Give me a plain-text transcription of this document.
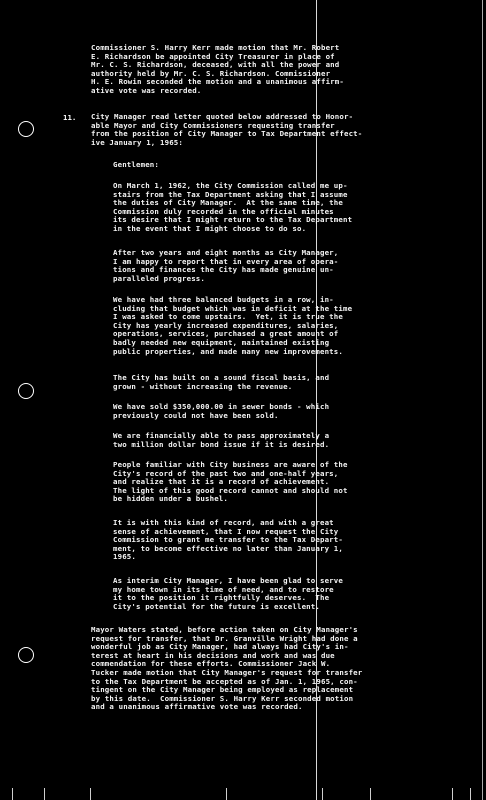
Commissioner S. Harry Kerr made motion that Mr. Robert
E. Richardson be appointed City Treasurer in place of
Mr. C. S. Richardson, deceased, with all the power and
authority held by Mr. C. S. Richardson. Commissioner
H. E. Rowin seconded the motion and a unanimous affirm-
ative vote was recorded.

11. City Manager read letter quoted below addressed to Honor-
able Mayor and City Commissioners requesting transfer
from the position of City Manager to Tax Department effect-
ive January 1, 1965:

Gentlemen:

On March 1, 1962, the City Commission called me up-
stairs from the Tax Department asking that I assume
the duties of City Manager.  At the same time, the
Commission duly recorded in the official minutes
its desire that I might return to the Tax Department
in the event that I might choose to do so.

After two years and eight months as City Manager,
I am happy to report that in every area of opera-
tions and finances the City has made genuine un-
paralleled progress.

We have had three balanced budgets in a row, in-
cluding that budget which was in deficit at the time
I was asked to come upstairs.  Yet, it is true the
City has yearly increased expenditures, salaries,
operations, services, purchased a great amount of
badly needed new equipment, maintained existing
public properties, and made many new improvements.

The City has built on a sound fiscal basis, and
grown - without increasing the revenue.

We have sold $350,000.00 in sewer bonds - which
previously could not have been sold.

We are financially able to pass approximately a
two million dollar bond issue if it is desired.

People familiar with City business are aware of the
City's record of the past two and one-half years,
and realize that it is a record of achievement.
The light of this good record cannot and should not
be hidden under a bushel.

It is with this kind of record, and with a great
sense of achievement, that I now request the City
Commission to grant me transfer to the Tax Depart-
ment, to become effective no later than January 1,
1965.

As interim City Manager, I have been glad to serve
my home town in its time of need, and to restore
it to the position it rightfully deserves.  The
City's potential for the future is excellent.

Mayor Waters stated, before action taken on City Manager's
request for transfer, that Dr. Granville Wright had done a
wonderful job as City Manager, had always had City's in-
terest at heart in his decisions and work and was due
commendation for these efforts. Commissioner Jack W.
Tucker made motion that City Manager's request for transfer
to the Tax Department be accepted as of Jan. 1, 1965, con-
tingent on the City Manager being employed as replacement
by this date.  Commissioner S. Harry Kerr seconded motion
and a unanimous affirmative vote was recorded.
